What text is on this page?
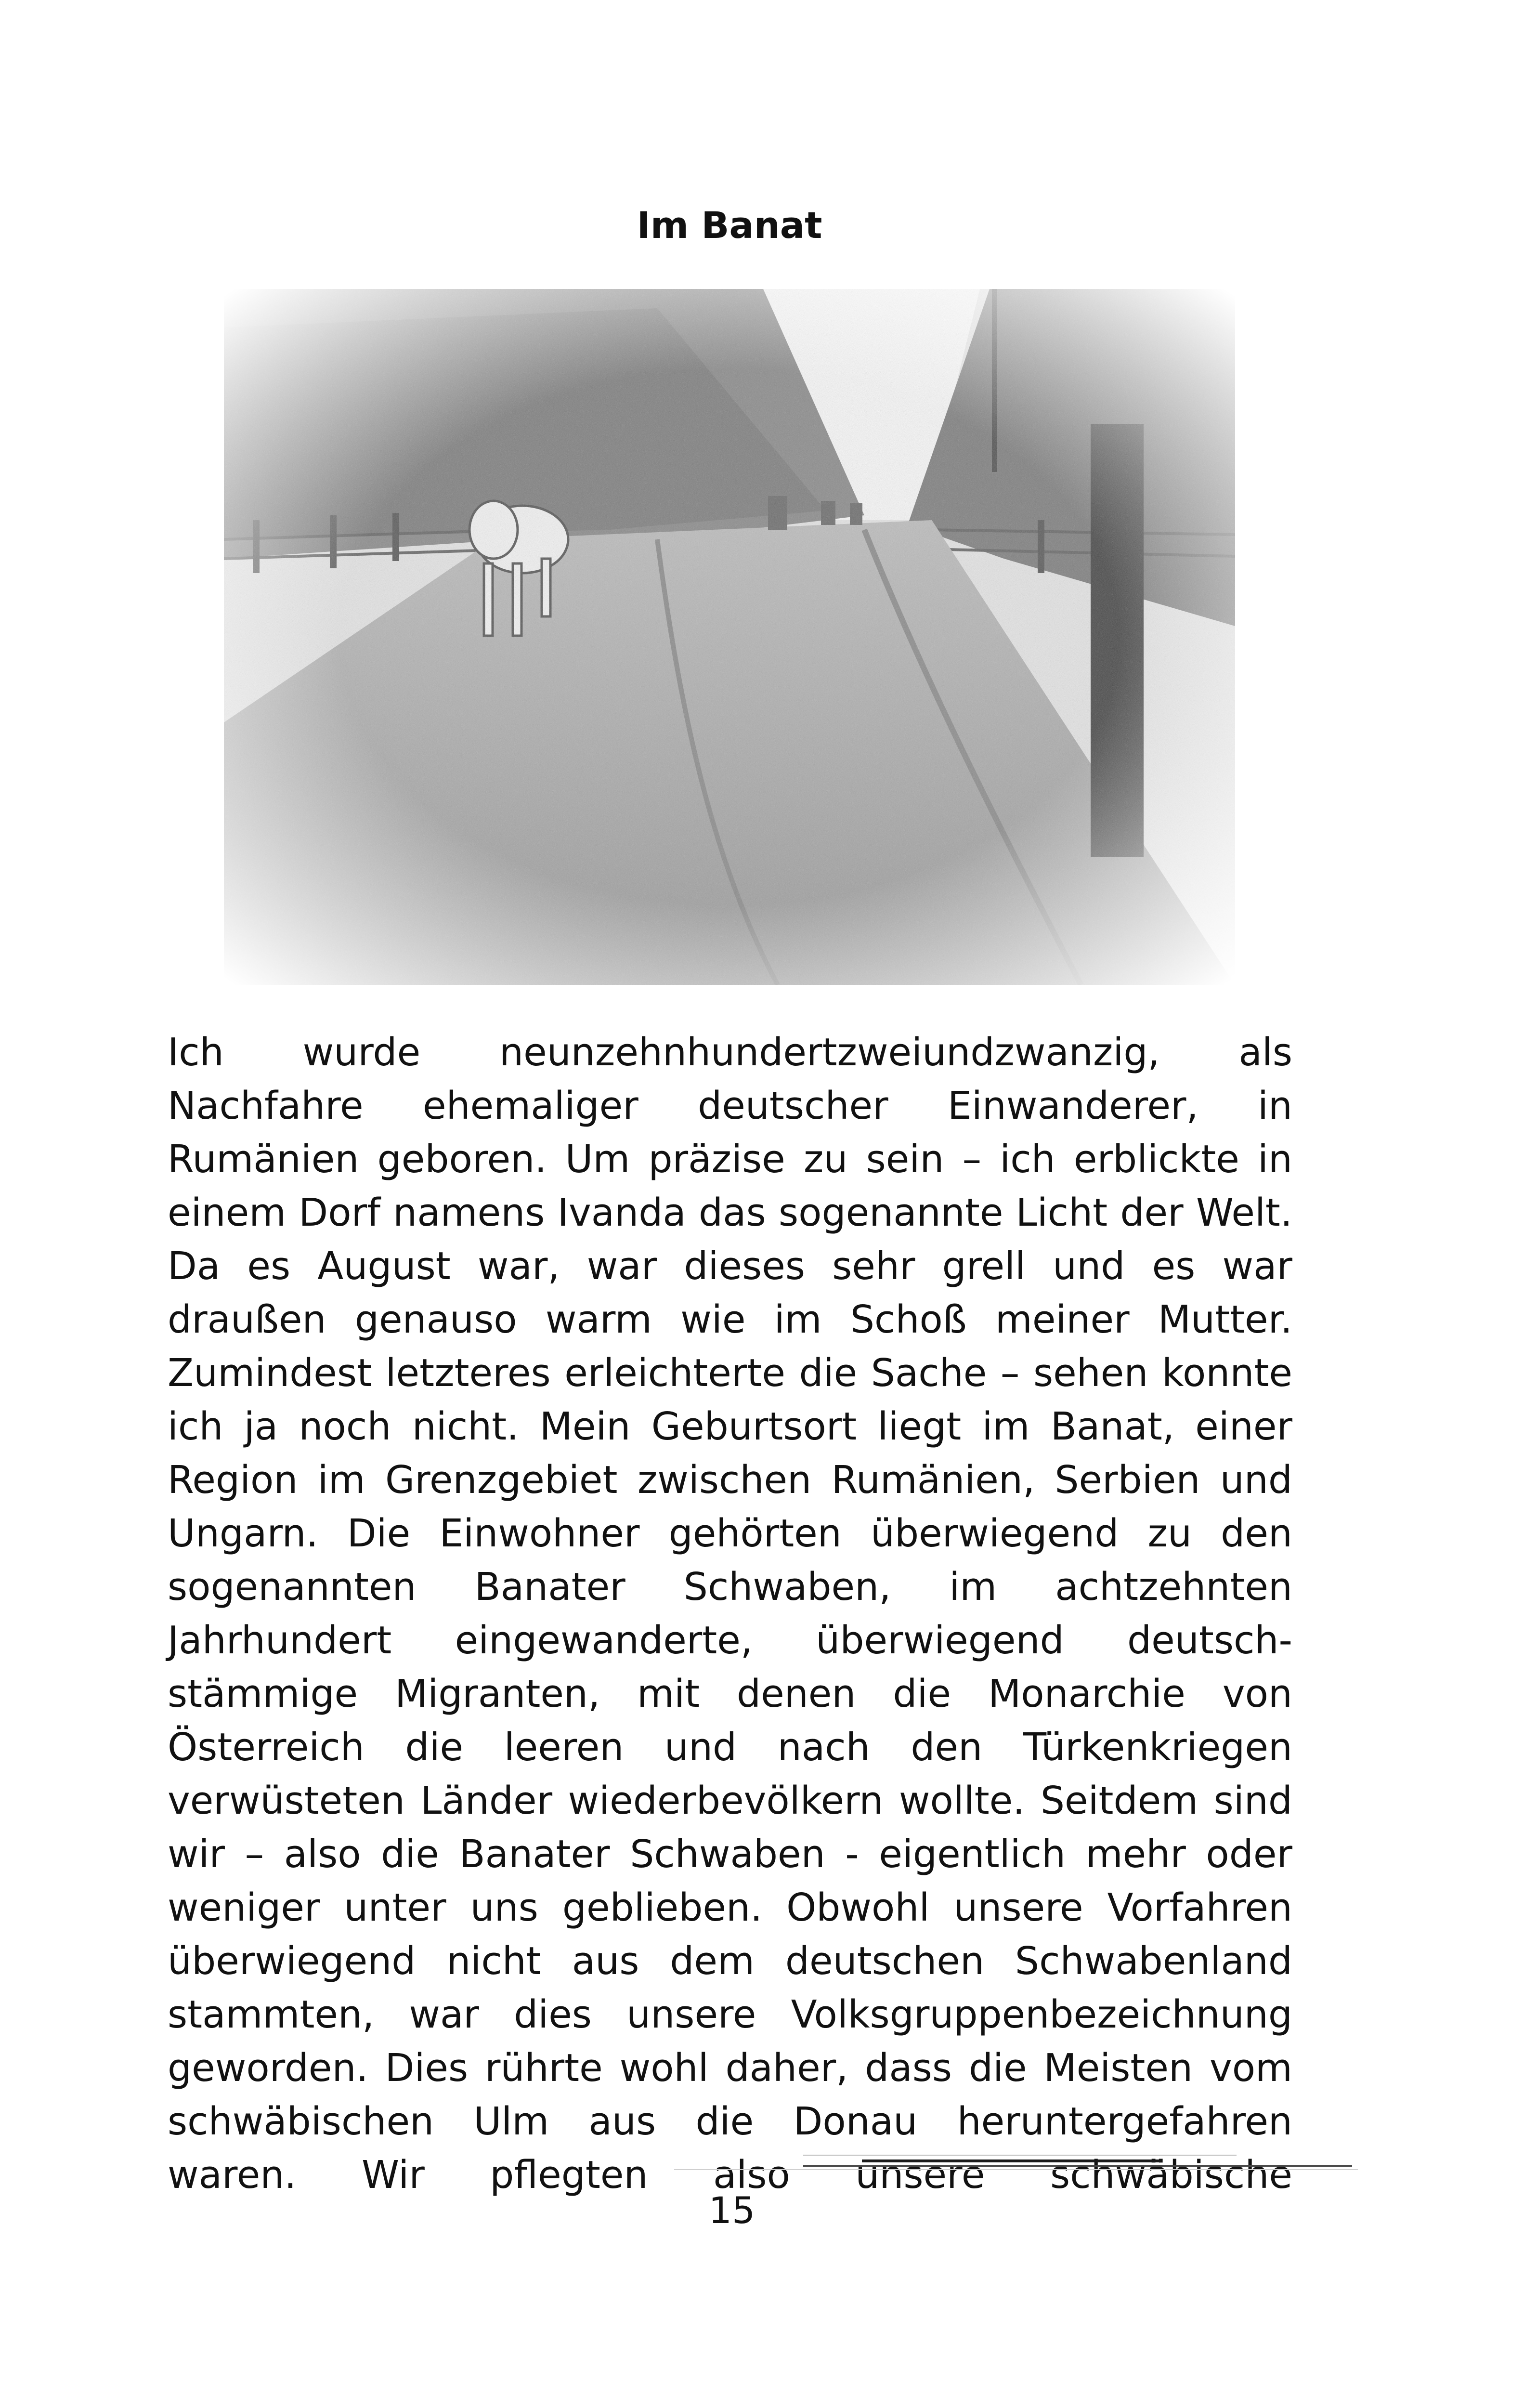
Im Banat
Ich wurde neunzehnhundertzweiundzwanzig, als Nachfahre ehemaliger deutscher Einwanderer, in Rumänien geboren. Um präzise zu sein – ich erblickte in einem Dorf namens Ivanda das sogenannte Licht der Welt. Da es August war, war dieses sehr grell und es war draußen genauso warm wie im Schoß meiner Mutter. Zumindest letzteres erleichterte die Sache – sehen konnte ich ja noch nicht. Mein Geburtsort liegt im Banat, einer Region im Grenzgebiet zwischen Rumänien, Serbien und Ungarn. Die Einwohner gehörten überwiegend zu den sogenannten Banater Schwaben, im achtzehnten Jahrhundert eingewanderte, überwiegend deutsch-stämmige Migranten, mit denen die Monarchie von Österreich die leeren und nach den Türkenkriegen verwüsteten Länder wiederbevölkern wollte. Seitdem sind wir – also die Banater Schwaben - eigentlich mehr oder weniger unter uns geblieben. Obwohl unsere Vorfahren überwiegend nicht aus dem deutschen Schwabenland stammten, war dies unsere Volksgruppenbezeichnung geworden. Dies rührte wohl daher, dass die Meisten vom schwäbischen Ulm aus die Donau heruntergefahren waren. Wir pflegten also unsere schwäbische
15
